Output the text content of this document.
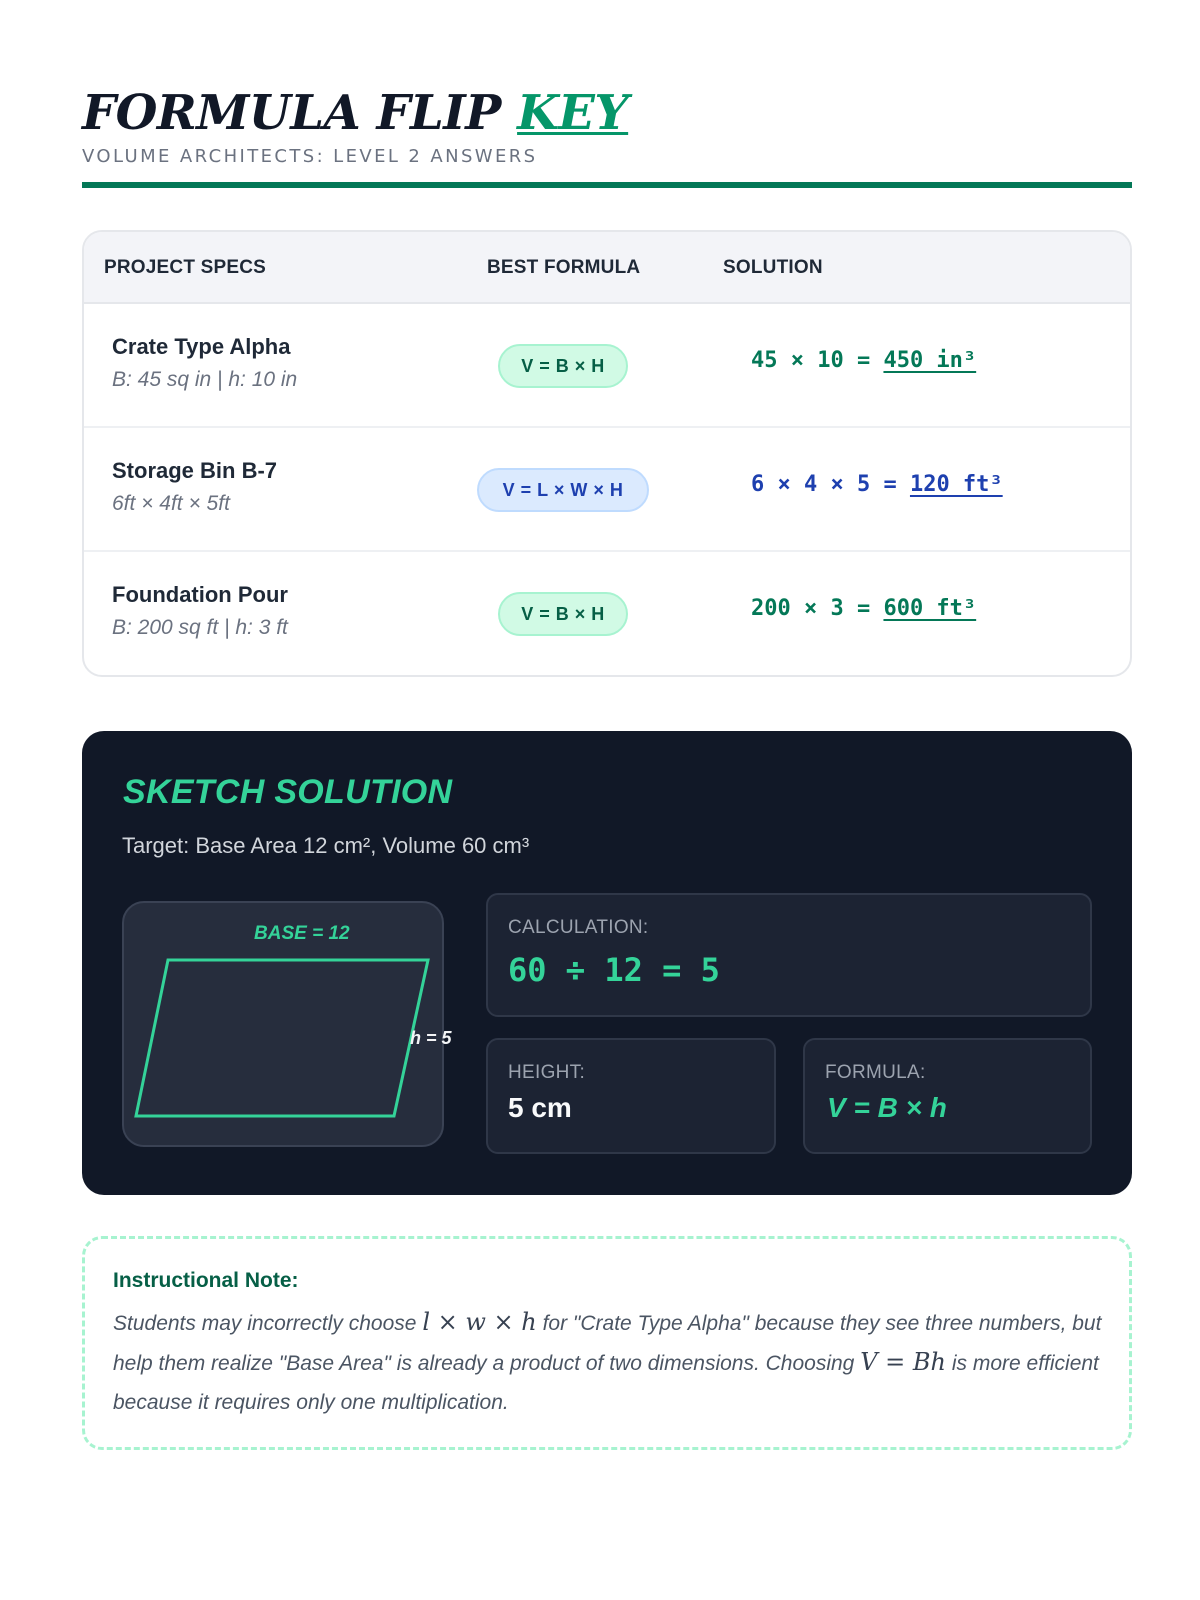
FORMULA FLIP KEY
VOLUME ARCHITECTS: LEVEL 2 ANSWERS
PROJECT SPECS	BEST FORMULA	SOLUTION
Crate Type Alpha
B: 45 sq in | h: 10 in
V = B × H	45 × 10 = 450 in³
Storage Bin B-7
6ft × 4ft × 5ft
V = L × W × H	6 × 4 × 5 = 120 ft³
Foundation Pour
B: 200 sq ft | h: 3 ft
V = B × H	200 × 3 = 600 ft³
SKETCH SOLUTION
Target: Base Area 12 cm², Volume 60 cm³
BASE = 12
h = 5
CALCULATION:
60 ÷ 12 = 5
HEIGHT:
5 cm
FORMULA:
V = B × h
Instructional Note:
Students may incorrectly choose l × w × h for "Crate Type Alpha" because they see three numbers, but help them realize "Base Area" is already a product of two dimensions. Choosing V = Bh is more efficient because it requires only one multiplication.
